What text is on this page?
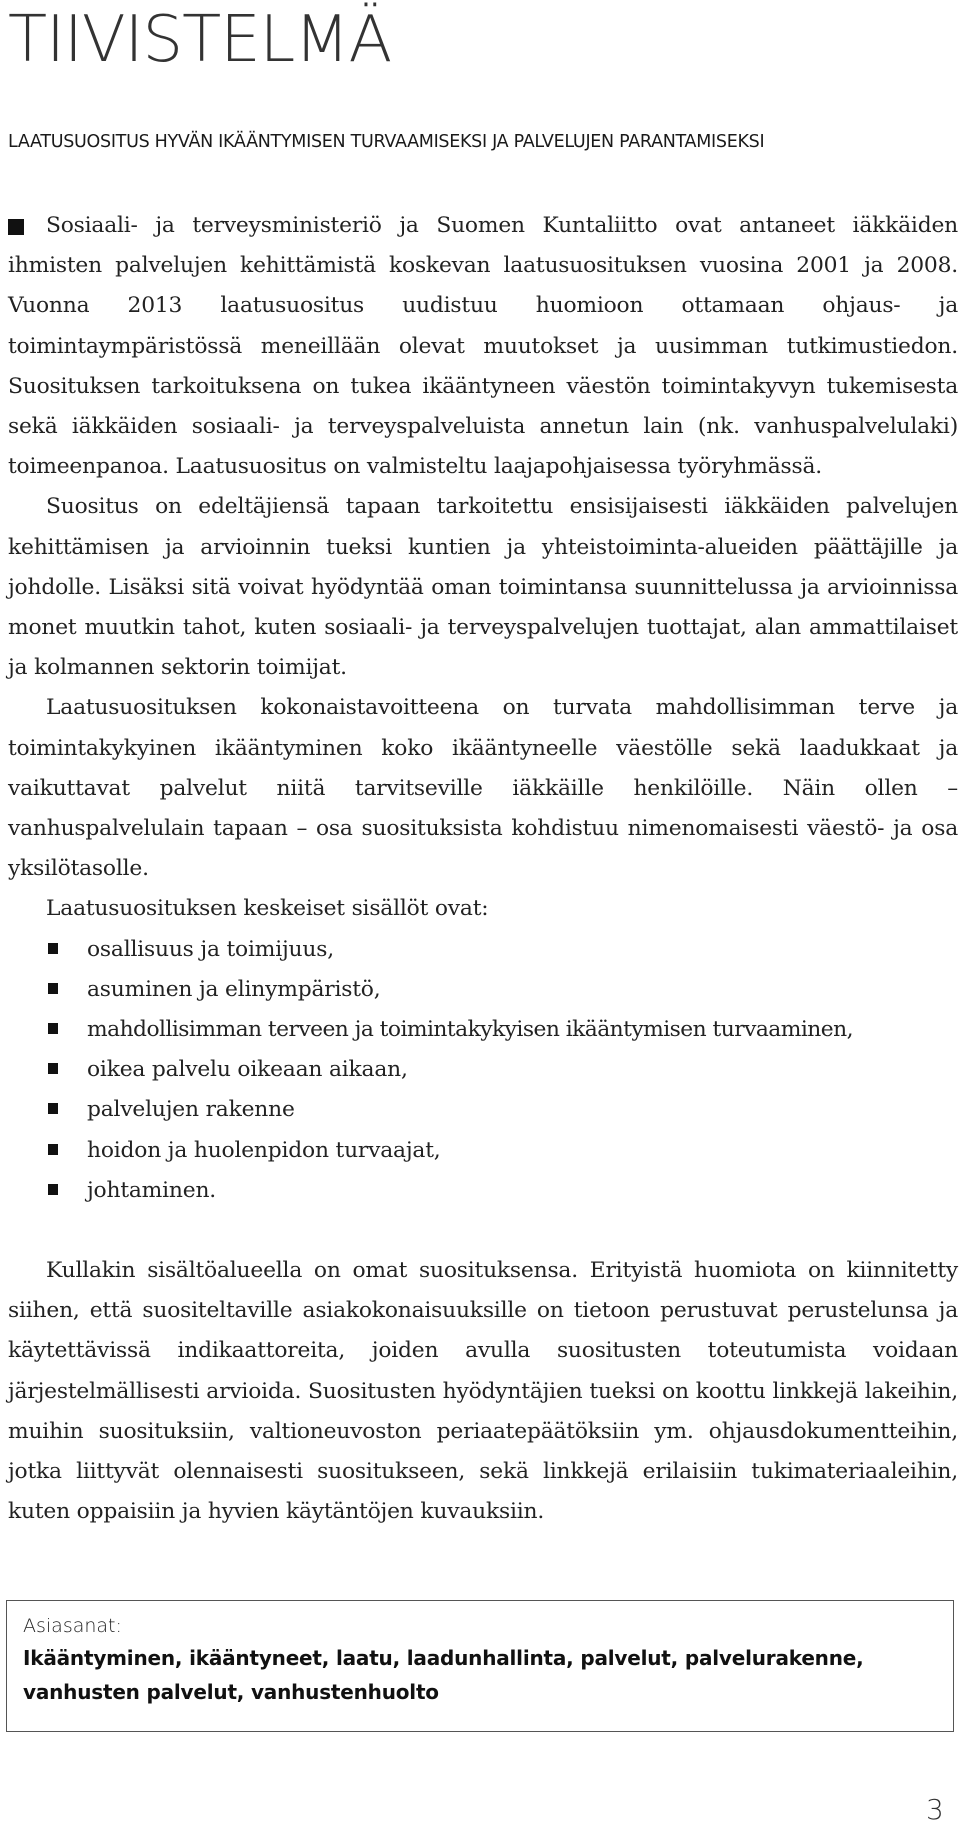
TIIVISTELMÄ
LAATUSUOSITUS HYVÄN IKÄÄNTYMISEN TURVAAMISEKSI JA PALVELUJEN PARANTAMISEKSI

Sosiaali- ja terveysministeriö ja Suomen Kuntaliitto ovat antaneet iäkkäiden ihmisten palvelujen kehittämistä koskevan laatusuosituksen vuosina 2001 ja 2008. Vuonna 2013 laatusuositus uudistuu huomioon ottamaan ohjaus- ja toimintaympäristössä meneillään olevat muutokset ja uusimman tutkimustiedon. Suosituksen tarkoituksena on tukea ikääntyneen väestön toimintakyvyn tukemisesta sekä iäkkäiden sosiaali- ja terveyspalveluista annetun lain (nk. vanhuspalvelulaki) toimeenpanoa. Laatusuositus on valmisteltu laajapohjaisessa työryhmässä.

Suositus on edeltäjiensä tapaan tarkoitettu ensisijaisesti iäkkäiden palvelujen kehittämisen ja arvioinnin tueksi kuntien ja yhteistoiminta-alueiden päättäjille ja johdolle. Lisäksi sitä voivat hyödyntää oman toimintansa suunnittelussa ja arvioinnissa monet muutkin tahot, kuten sosiaali- ja terveyspalvelujen tuottajat, alan ammattilaiset ja kolmannen sektorin toimijat.

Laatusuosituksen kokonaistavoitteena on turvata mahdollisimman terve ja toimintakykyinen ikääntyminen koko ikääntyneelle väestölle sekä laadukkaat ja vaikuttavat palvelut niitä tarvitseville iäkkäille henkilöille. Näin ollen – vanhuspalvelulain tapaan – osa suosituksista kohdistuu nimenomaisesti väestö- ja osa yksilötasolle.

Laatusuosituksen keskeiset sisällöt ovat:

osallisuus ja toimijuus,
asuminen ja elinympäristö,
mahdollisimman terveen ja toimintakykyisen ikääntymisen turvaaminen,
oikea palvelu oikeaan aikaan,
palvelujen rakenne
hoidon ja huolenpidon turvaajat,
johtaminen.

Kullakin sisältöalueella on omat suosituksensa. Erityistä huomiota on kiinnitetty siihen, että suositeltaville asiakokonaisuuksille on tietoon perustuvat perustelunsa ja käytettävissä indikaattoreita, joiden avulla suositusten toteutumista voidaan järjestelmällisesti arvioida. Suositusten hyödyntäjien tueksi on koottu linkkejä lakeihin, muihin suosituksiin, valtioneuvoston periaatepäätöksiin ym. ohjausdokumentteihin, jotka liittyvät olennaisesti suositukseen, sekä linkkejä erilaisiin tukimateriaaleihin, kuten oppaisiin ja hyvien käytäntöjen kuvauksiin.

Asiasanat:
Ikääntyminen, ikääntyneet, laatu, laadunhallinta, palvelut, palvelurakenne,
vanhusten palvelut, vanhustenhuolto
3
